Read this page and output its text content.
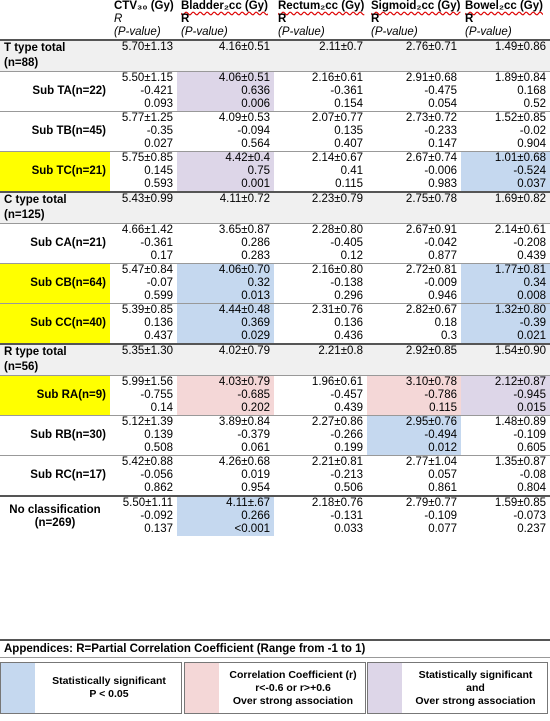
	CTV₃₀ (Gy)	Bladder₂cc (Gy)	Rectum₂cc (Gy)	Sigmoid₂cc (Gy)	Bowel₂cc (Gy)
	R	R	R	R	R
	(P-value)	(P-value)	(P-value)	(P-value)	(P-value)
T type total
(n=88)	5.70±1.13	4.16±0.51	2.11±0.7	2.76±0.71	1.49±0.86

Sub TA(n=22)	5.50±1.15	4.06±0.51	2.16±0.61	2.91±0.68	1.89±0.84
	-0.421	0.636	-0.361	-0.475	0.168
	0.093	0.006	0.154	0.054	0.52
Sub TB(n=45)	5.77±1.25	4.09±0.53	2.07±0.77	2.73±0.72	1.52±0.85
	-0.35	-0.094	0.135	-0.233	-0.02
	0.027	0.564	0.407	0.147	0.904
Sub TC(n=21)	5.75±0.85	4.42±0.4	2.14±0.67	2.67±0.74	1.01±0.68
	0.145	0.75	0.41	-0.006	-0.524
	0.593	0.001	0.115	0.983	0.037
C type total
(n=125)	5.43±0.99	4.11±0.72	2.23±0.79	2.75±0.78	1.69±0.82

Sub CA(n=21)	4.66±1.42	3.65±0.87	2.28±0.80	2.67±0.91	2.14±0.61
	-0.361	0.286	-0.405	-0.042	-0.208
	0.17	0.283	0.12	0.877	0.439
Sub CB(n=64)	5.47±0.84	4.06±0.70	2.16±0.80	2.72±0.81	1.77±0.81
	-0.07	0.32	-0.138	-0.009	0.34
	0.599	0.013	0.296	0.946	0.008
Sub CC(n=40)	5.39±0.85	4.44±0.48	2.31±0.76	2.82±0.67	1.32±0.80
	0.136	0.369	0.136	0.18	-0.39
	0.437	0.029	0.436	0.3	0.021
R type total
(n=56)	5.35±1.30	4.02±0.79	2.21±0.8	2.92±0.85	1.54±0.90

Sub RA(n=9)	5.99±1.56	4.03±0.79	1.96±0.61	3.10±0.78	2.12±0.87
	-0.755	-0.685	-0.457	-0.786	-0.945
	0.14	0.202	0.439	0.115	0.015
Sub RB(n=30)	5.12±1.39	3.89±0.84	2.27±0.86	2.95±0.76	1.48±0.89
	0.139	-0.379	-0.266	-0.494	-0.109
	0.508	0.061	0.199	0.012	0.605
Sub RC(n=17)	5.42±0.88	4.26±0.68	2.21±0.81	2.77±1.04	1.35±0.87
	-0.056	0.019	-0.213	0.057	-0.08
	0.862	0.954	0.506	0.861	0.804
No classification
(n=269)	5.50±1.11	4.11±.67	2.18±0.76	2.79±0.77	1.59±0.85
	-0.092	0.266	-0.131	-0.109	-0.073
	0.137	<0.001	0.033	0.077	0.237
Appendices: R=Partial Correlation Coefficient (Range from -1 to 1)
Statistically significant
P < 0.05
Correlation Coefficient (r)
r<-0.6 or r>+0.6
Over strong association
Statistically significant
and
Over strong association
